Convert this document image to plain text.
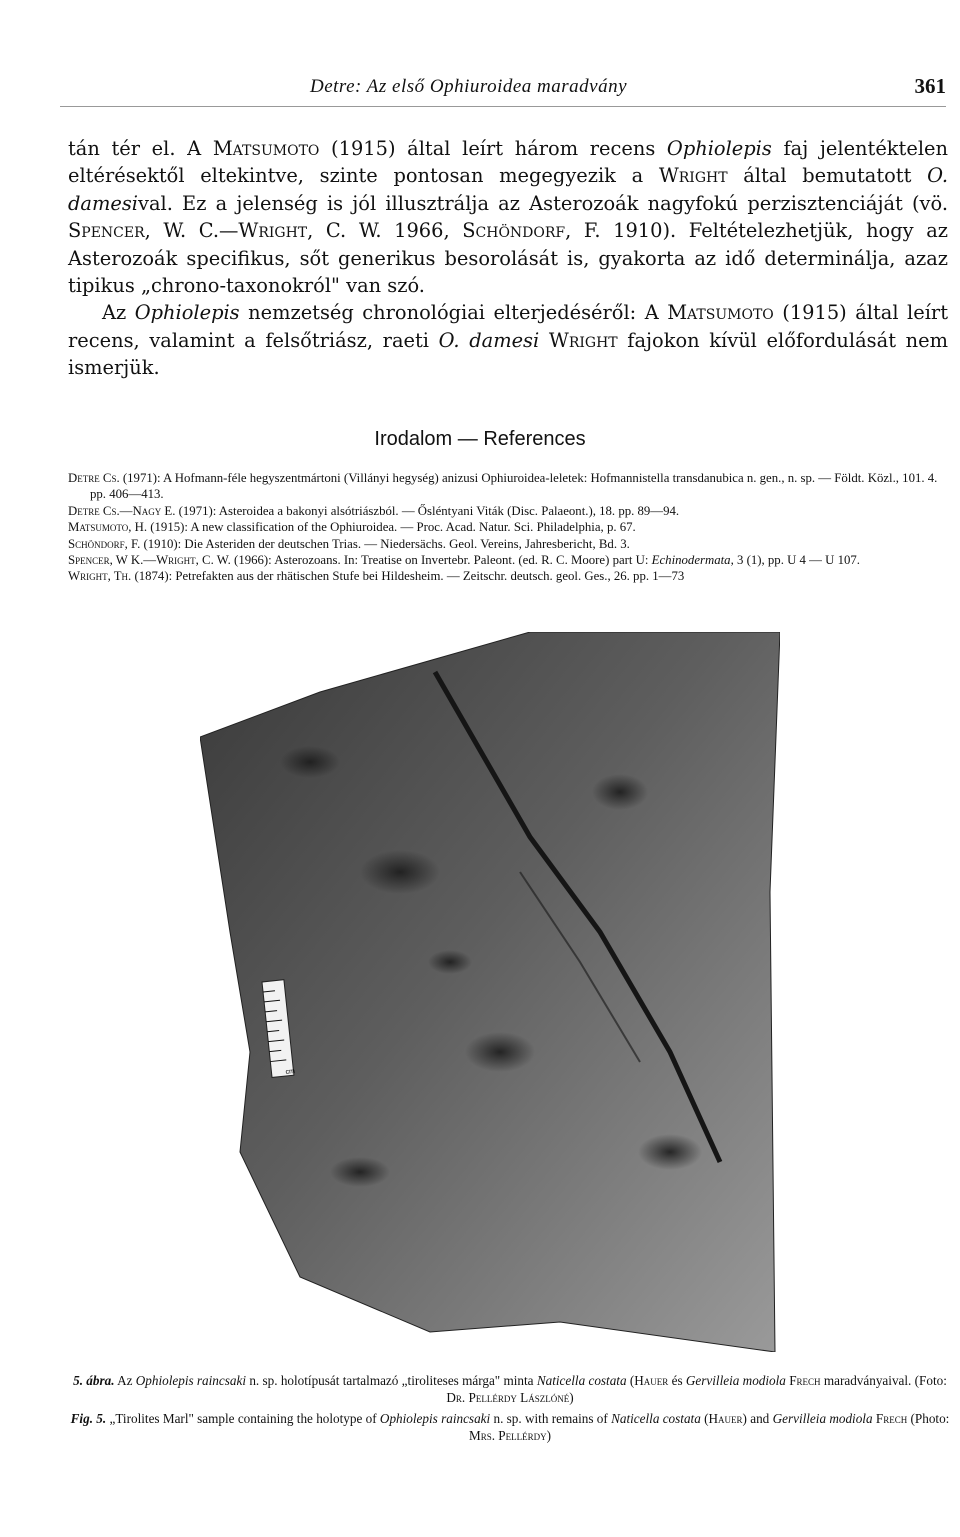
Detre: Az első Ophiuroidea maradvány	361

tán tér el. A Matsumoto (1915) által leírt három recens Ophiolepis faj jelentéktelen eltérésektől eltekintve, szinte pontosan megegyezik a Wright által bemutatott O. damesival. Ez a jelenség is jól illusztrálja az Asterozoák nagyfokú perzisztenciáját (vö. Spencer, W. C.—Wright, C. W. 1966, Schöndorf, F. 1910). Feltételezhetjük, hogy az Asterozoák specifikus, sőt generikus besorolását is, gyakorta az idő determinálja, azaz tipikus „chrono-taxonokról" van szó.

Az Ophiolepis nemzetség chronológiai elterjedéséről: A Matsumoto (1915) által leírt recens, valamint a felsőtriász, raeti O. damesi Wright fajokon kívül előfordulását nem ismerjük.

Irodalom — References

Detre Cs. (1971): A Hofmann-féle hegyszentmártoni (Villányi hegység) anizusi Ophiuroidea-leletek: Hofmannistella transdanubica n. gen., n. sp. — Földt. Közl., 101. 4. pp. 406—413.

Detre Cs.—Nagy E. (1971): Asteroidea a bakonyi alsótriászból. — Ősléntyani Viták (Disc. Palaeont.), 18. pp. 89—94.

Matsumoto, H. (1915): A new classification of the Ophiuroidea. — Proc. Acad. Natur. Sci. Philadelphia, p. 67.

Schöndorf, F. (1910): Die Asteriden der deutschen Trias. — Niedersächs. Geol. Vereins, Jahresbericht, Bd. 3.

Spencer, W K.—Wright, C. W. (1966): Asterozoans. In: Treatise on Invertebr. Paleont. (ed. R. C. Moore) part U: Echinodermata, 3 (1), pp. U 4 — U 107.

Wright, Th. (1874): Petrefakten aus der rhätischen Stufe bei Hildesheim. — Zeitschr. deutsch. geol. Ges., 26. pp. 1—73

cm

5. ábra. Az Ophiolepis raincsaki n. sp. holotípusát tartalmazó „tiroliteses márga" minta Naticella costata (Hauer és Gervilleia modiola Frech maradványaival. (Foto: Dr. Pellérdy Lászlóné)

Fig. 5. „Tirolites Marl" sample containing the holotype of Ophiolepis raincsaki n. sp. with remains of Naticella costata (Hauer) and Gervilleia modiola Frech (Photo: Mrs. Pellérdy)
